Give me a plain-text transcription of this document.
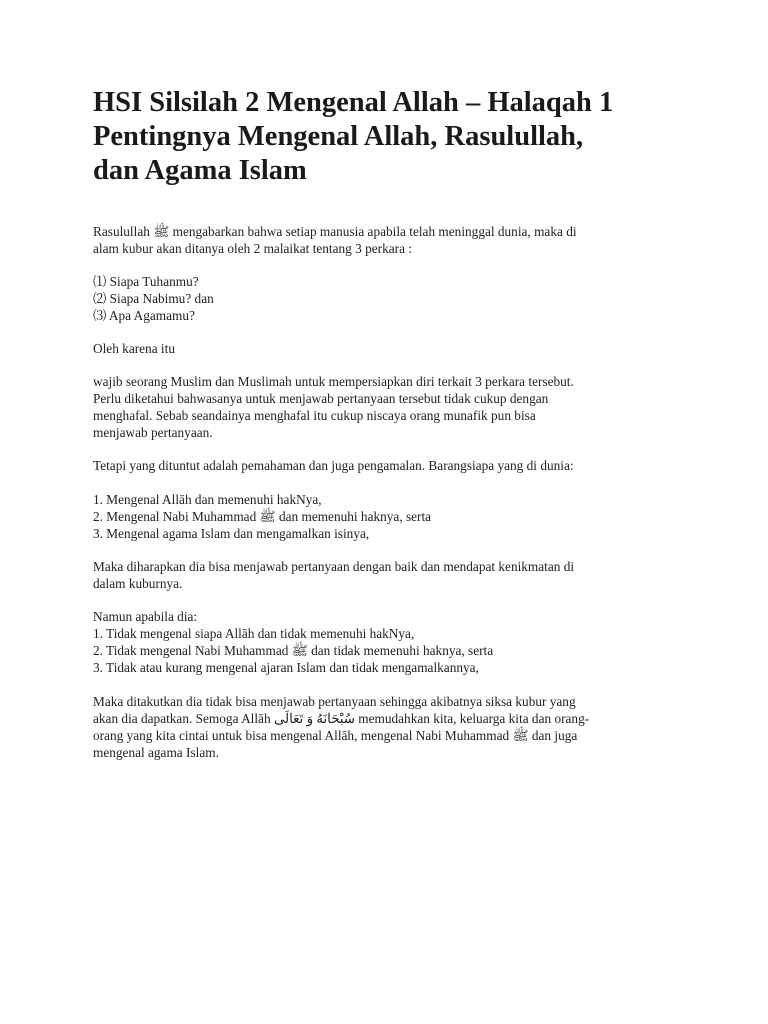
HSI Silsilah 2 Mengenal Allah – Halaqah 1
Pentingnya Mengenal Allah, Rasulullah,
dan Agama Islam

Rasulullah ﷺ mengabarkan bahwa setiap manusia apabila telah meninggal dunia, maka di
alam kubur akan ditanya oleh 2 malaikat tentang 3 perkara :

⑴ Siapa Tuhanmu?
⑵ Siapa Nabimu? dan
⑶ Apa Agamamu?

Oleh karena itu

wajib seorang Muslim dan Muslimah untuk mempersiapkan diri terkait 3 perkara tersebut.
Perlu diketahui bahwasanya untuk menjawab pertanyaan tersebut tidak cukup dengan
menghafal. Sebab seandainya menghafal itu cukup niscaya orang munafik pun bisa
menjawab pertanyaan.

Tetapi yang dituntut adalah pemahaman dan juga pengamalan. Barangsiapa yang di dunia:

1. Mengenal Allāh dan memenuhi hakNya,
2. Mengenal Nabi Muhammad ﷺ dan memenuhi haknya, serta
3. Mengenal agama Islam dan mengamalkan isinya,

Maka diharapkan dia bisa menjawab pertanyaan dengan baik dan mendapat kenikmatan di
dalam kuburnya.

Namun apabila dia:
1. Tidak mengenal siapa Allāh dan tidak memenuhi hakNya,
2. Tidak mengenal Nabi Muhammad ﷺ dan tidak memenuhi haknya, serta
3. Tidak atau kurang mengenal ajaran Islam dan tidak mengamalkannya,

Maka ditakutkan dia tidak bisa menjawab pertanyaan sehingga akibatnya siksa kubur yang
akan dia dapatkan. Semoga Allāh سُبْحَانَهُ وَ تَعَالَى memudahkan kita, keluarga kita dan orang-
orang yang kita cintai untuk bisa mengenal Allāh, mengenal Nabi Muhammad ﷺ dan juga
mengenal agama Islam.
